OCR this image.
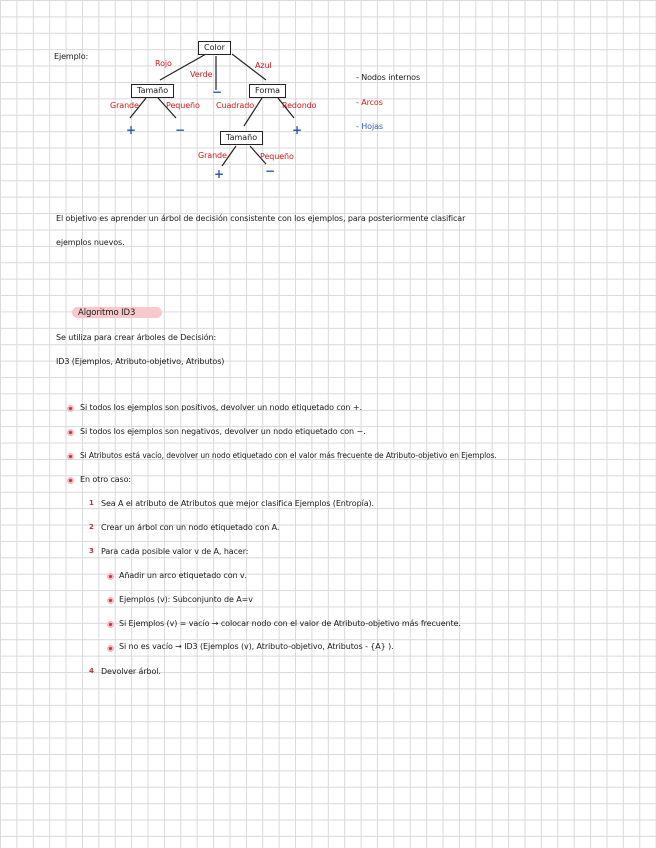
Ejemplo:
Color
Tamaño	Forma
Tamaño
Rojo
Verde
Azul
Grande	Pequeño Cuadrado	Redondo
Grande	Pequeño
−
+	−	+
+	−
- Nodos internos
- Arcos
- Hojas
El objetivo es aprender un árbol de decisión consistente con los ejemplos, para posteriormente clasificar
ejemplos nuevos.
Algoritmo ID3
Se utiliza para crear árboles de Decisión:
ID3 (Ejemplos, Atributo-objetivo, Atributos)
Si todos los ejemplos son positivos, devolver un nodo etiquetado con +.
Si todos los ejemplos son negativos, devolver un nodo etiquetado con −.
Si Atributos está vacío, devolver un nodo etiquetado con el valor más frecuente de Atributo-objetivo en Ejemplos.
En otro caso:
1 Sea A el atributo de Atributos que mejor clasifica Ejemplos (Entropía).
2 Crear un árbol con un nodo etiquetado con A.
3 Para cada posible valor v de A, hacer:
Añadir un arco etiquetado con v.
Ejemplos (v): Subconjunto de A=v
Si Ejemplos (v) = vacío → colocar nodo con el valor de Atributo-objetivo más frecuente.
Si no es vacío → ID3 (Ejemplos (v), Atributo-objetivo, Atributos - {A} ).
4 Devolver árbol.
